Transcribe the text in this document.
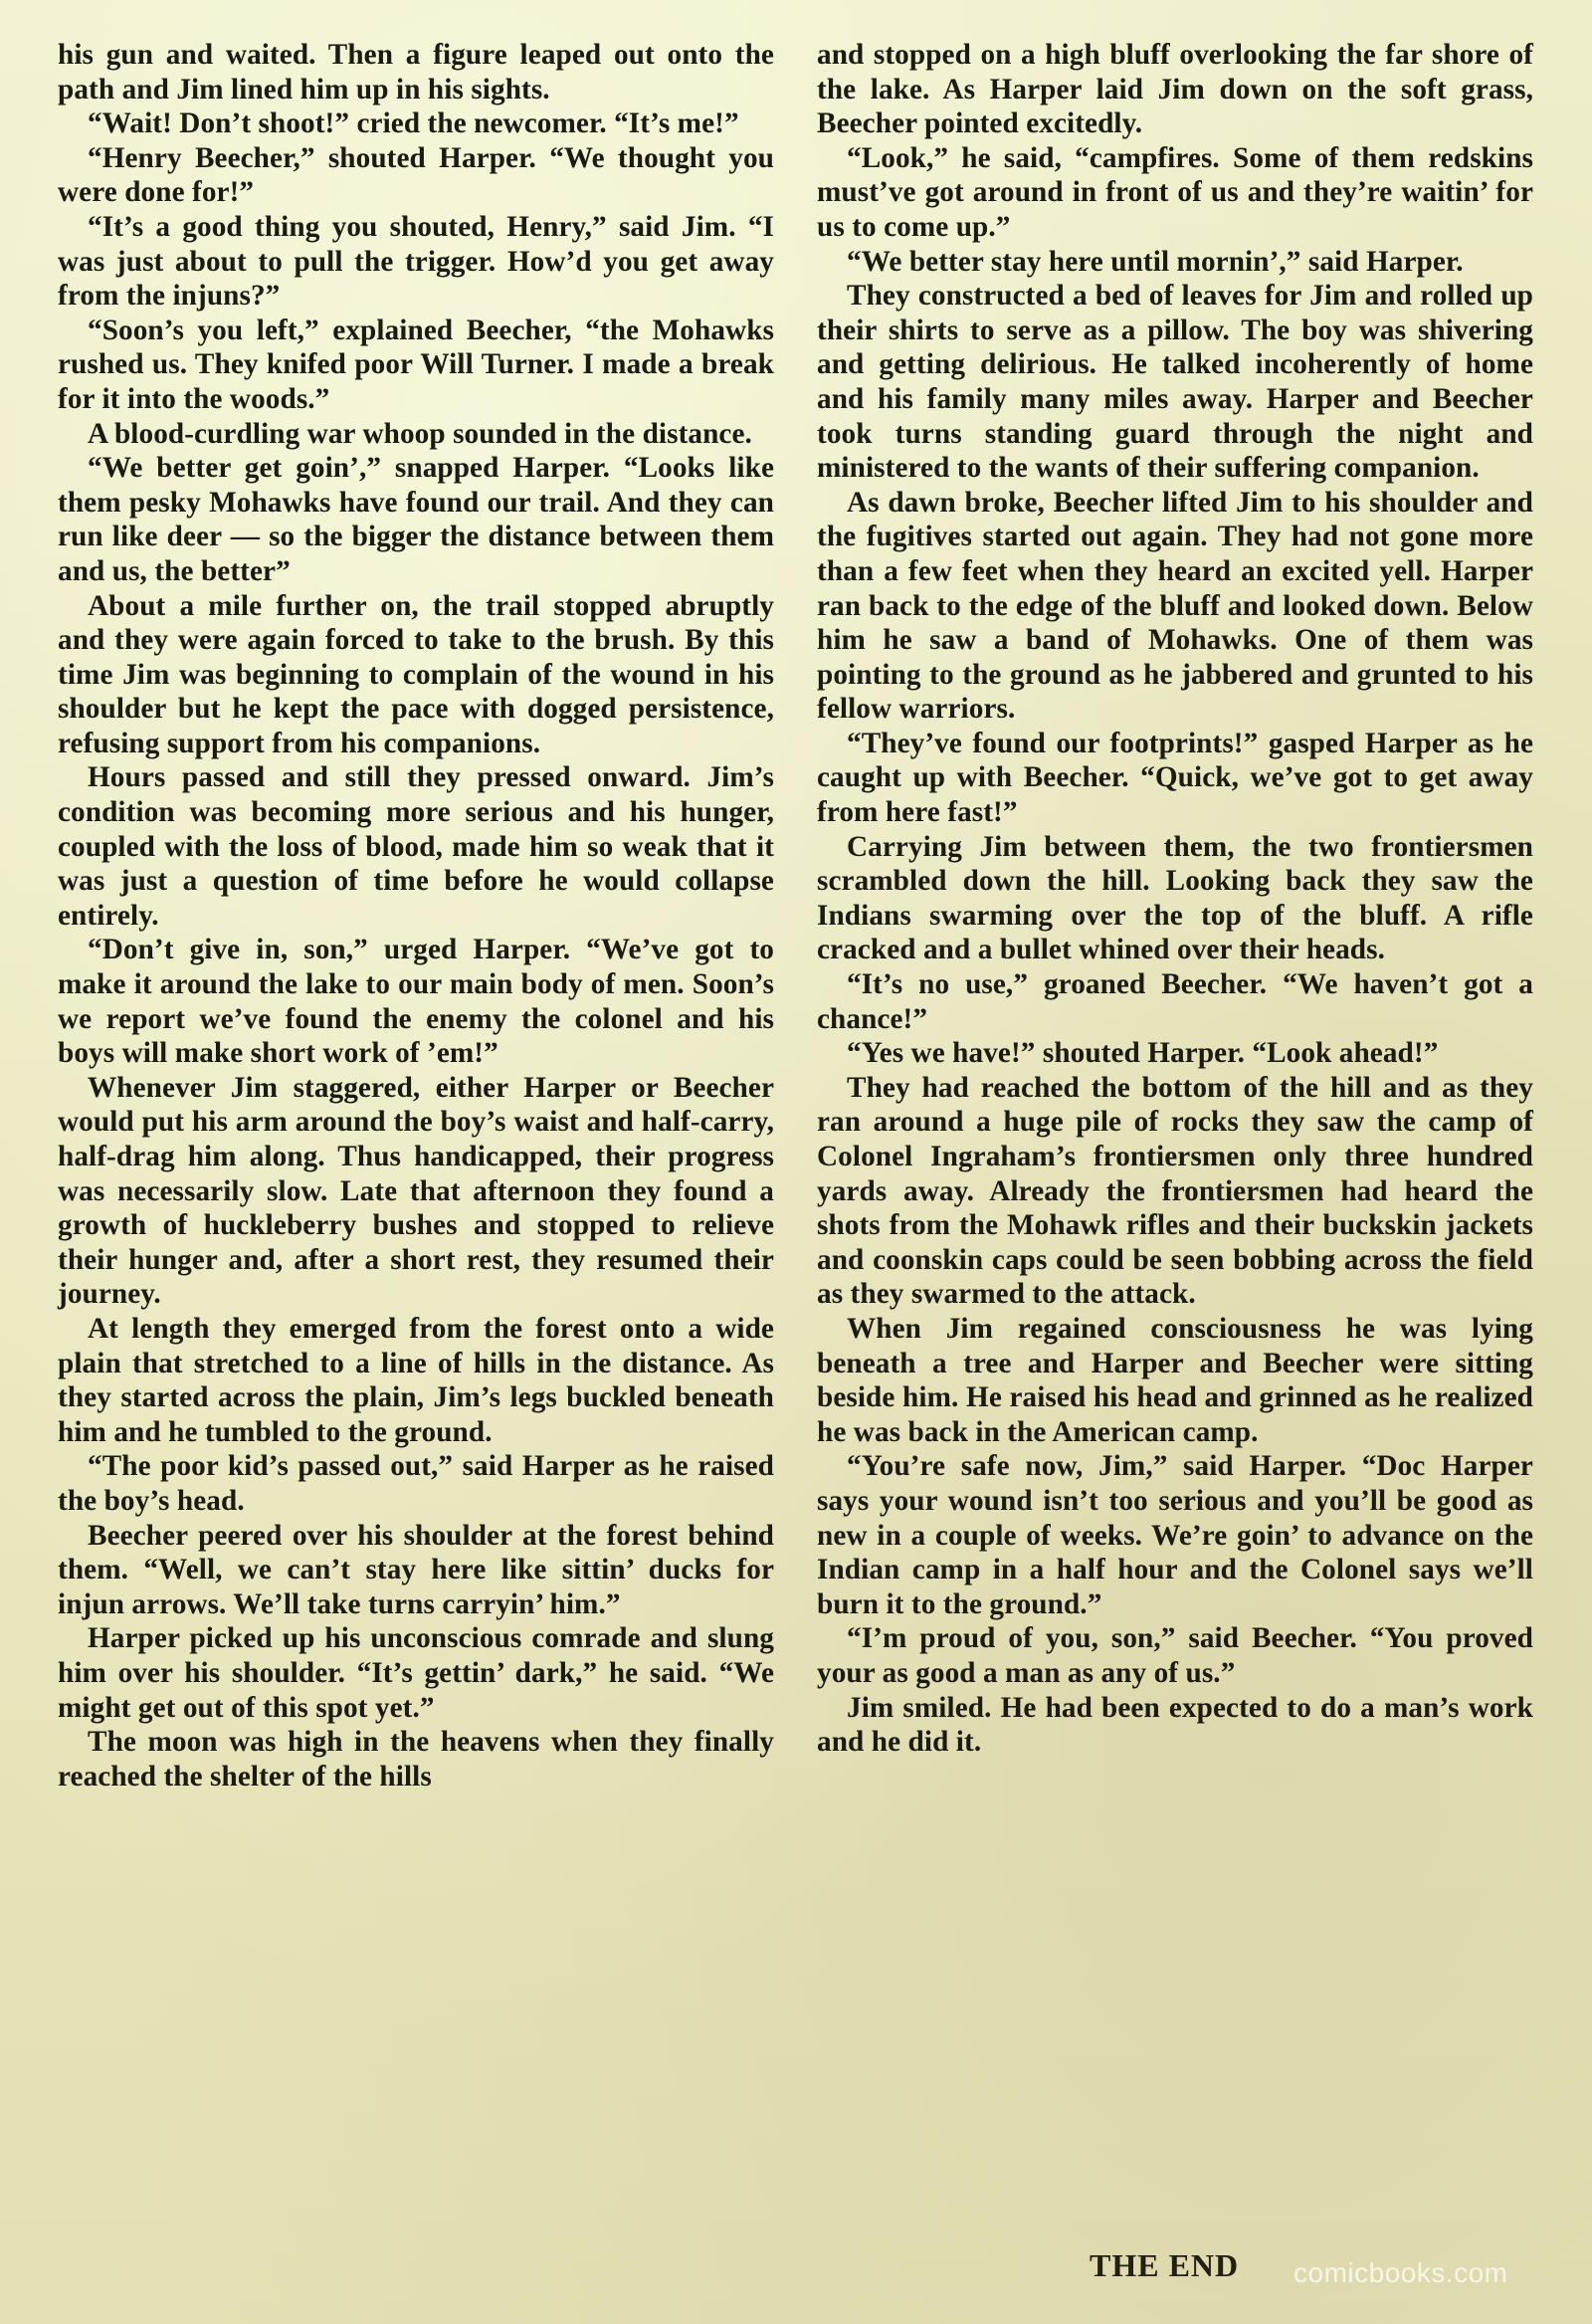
his gun and waited. Then a figure leaped out onto the path and Jim lined him up in his sights.

“Wait! Don’t shoot!” cried the newcomer. “It’s me!”

“Henry Beecher,” shouted Harper. “We thought you were done for!”

“It’s a good thing you shouted, Henry,” said Jim. “I was just about to pull the trigger. How’d you get away from the injuns?”

“Soon’s you left,” explained Beecher, “the Mohawks rushed us. They knifed poor Will Turner. I made a break for it into the woods.”

A blood-curdling war whoop sounded in the distance.

“We better get goin’,” snapped Harper. “Looks like them pesky Mohawks have found our trail. And they can run like deer — so the bigger the distance between them and us, the better”

About a mile further on, the trail stopped abruptly and they were again forced to take to the brush. By this time Jim was beginning to complain of the wound in his shoulder but he kept the pace with dogged persistence, refusing support from his companions.

Hours passed and still they pressed onward. Jim’s condition was becoming more serious and his hunger, coupled with the loss of blood, made him so weak that it was just a question of time before he would collapse entirely.

“Don’t give in, son,” urged Harper. “We’ve got to make it around the lake to our main body of men. Soon’s we report we’ve found the enemy the colonel and his boys will make short work of ’em!”

Whenever Jim staggered, either Harper or Beecher would put his arm around the boy’s waist and half-carry, half-drag him along. Thus handicapped, their progress was necessarily slow. Late that afternoon they found a growth of huckleberry bushes and stopped to relieve their hunger and, after a short rest, they resumed their journey.

At length they emerged from the forest onto a wide plain that stretched to a line of hills in the distance. As they started across the plain, Jim’s legs buckled beneath him and he tumbled to the ground.

“The poor kid’s passed out,” said Harper as he raised the boy’s head.

Beecher peered over his shoulder at the forest behind them. “Well, we can’t stay here like sittin’ ducks for injun arrows. We’ll take turns carryin’ him.”

Harper picked up his unconscious comrade and slung him over his shoulder. “It’s gettin’ dark,” he said. “We might get out of this spot yet.”

The moon was high in the heavens when they finally reached the shelter of the hills

and stopped on a high bluff overlooking the far shore of the lake. As Harper laid Jim down on the soft grass, Beecher pointed excitedly.

“Look,” he said, “campfires. Some of them redskins must’ve got around in front of us and they’re waitin’ for us to come up.”

“We better stay here until mornin’,” said Harper.

They constructed a bed of leaves for Jim and rolled up their shirts to serve as a pillow. The boy was shivering and getting delirious. He talked incoherently of home and his family many miles away. Harper and Beecher took turns standing guard through the night and ministered to the wants of their suffering companion.

As dawn broke, Beecher lifted Jim to his shoulder and the fugitives started out again. They had not gone more than a few feet when they heard an excited yell. Harper ran back to the edge of the bluff and looked down. Below him he saw a band of Mohawks. One of them was pointing to the ground as he jabbered and grunted to his fellow warriors.

“They’ve found our footprints!” gasped Harper as he caught up with Beecher. “Quick, we’ve got to get away from here fast!”

Carrying Jim between them, the two frontiersmen scrambled down the hill. Looking back they saw the Indians swarming over the top of the bluff. A rifle cracked and a bullet whined over their heads.

“It’s no use,” groaned Beecher. “We haven’t got a chance!”

“Yes we have!” shouted Harper. “Look ahead!”

They had reached the bottom of the hill and as they ran around a huge pile of rocks they saw the camp of Colonel Ingraham’s frontiersmen only three hundred yards away. Already the frontiersmen had heard the shots from the Mohawk rifles and their buckskin jackets and coonskin caps could be seen bobbing across the field as they swarmed to the attack.

When Jim regained consciousness he was lying beneath a tree and Harper and Beecher were sitting beside him. He raised his head and grinned as he realized he was back in the American camp.

“You’re safe now, Jim,” said Harper. “Doc Harper says your wound isn’t too serious and you’ll be good as new in a couple of weeks. We’re goin’ to advance on the Indian camp in a half hour and the Colonel says we’ll burn it to the ground.”

“I’m proud of you, son,” said Beecher. “You proved your as good a man as any of us.”

Jim smiled. He had been expected to do a man’s work and he did it.

THE END comicbooks.com
